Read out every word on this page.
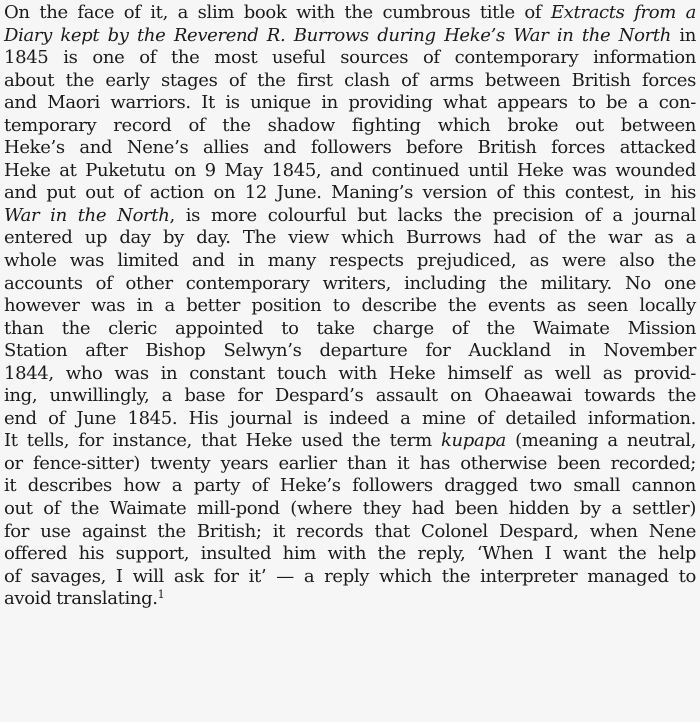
On the face of it, a slim book with the cumbrous title of Extracts from a
Diary kept by the Reverend R. Burrows during Heke’s War in the North in
1845 is one of the most useful sources of contemporary information
about the early stages of the first clash of arms between British forces
and Maori warriors. It is unique in providing what appears to be a con-
temporary record of the shadow fighting which broke out between
Heke’s and Nene’s allies and followers before British forces attacked
Heke at Puketutu on 9 May 1845, and continued until Heke was wounded
and put out of action on 12 June. Maning’s version of this contest, in his
War in the North, is more colourful but lacks the precision of a journal
entered up day by day. The view which Burrows had of the war as a
whole was limited and in many respects prejudiced, as were also the
accounts of other contemporary writers, including the military. No one
however was in a better position to describe the events as seen locally
than the cleric appointed to take charge of the Waimate Mission
Station after Bishop Selwyn’s departure for Auckland in November
1844, who was in constant touch with Heke himself as well as provid-
ing, unwillingly, a base for Despard’s assault on Ohaeawai towards the
end of June 1845. His journal is indeed a mine of detailed information.
It tells, for instance, that Heke used the term kupapa (meaning a neutral,
or fence-sitter) twenty years earlier than it has otherwise been recorded;
it describes how a party of Heke’s followers dragged two small cannon
out of the Waimate mill-pond (where they had been hidden by a settler)
for use against the British; it records that Colonel Despard, when Nene
offered his support, insulted him with the reply, ‘When I want the help
of savages, I will ask for it’ — a reply which the interpreter managed to
avoid translating.$^1$
